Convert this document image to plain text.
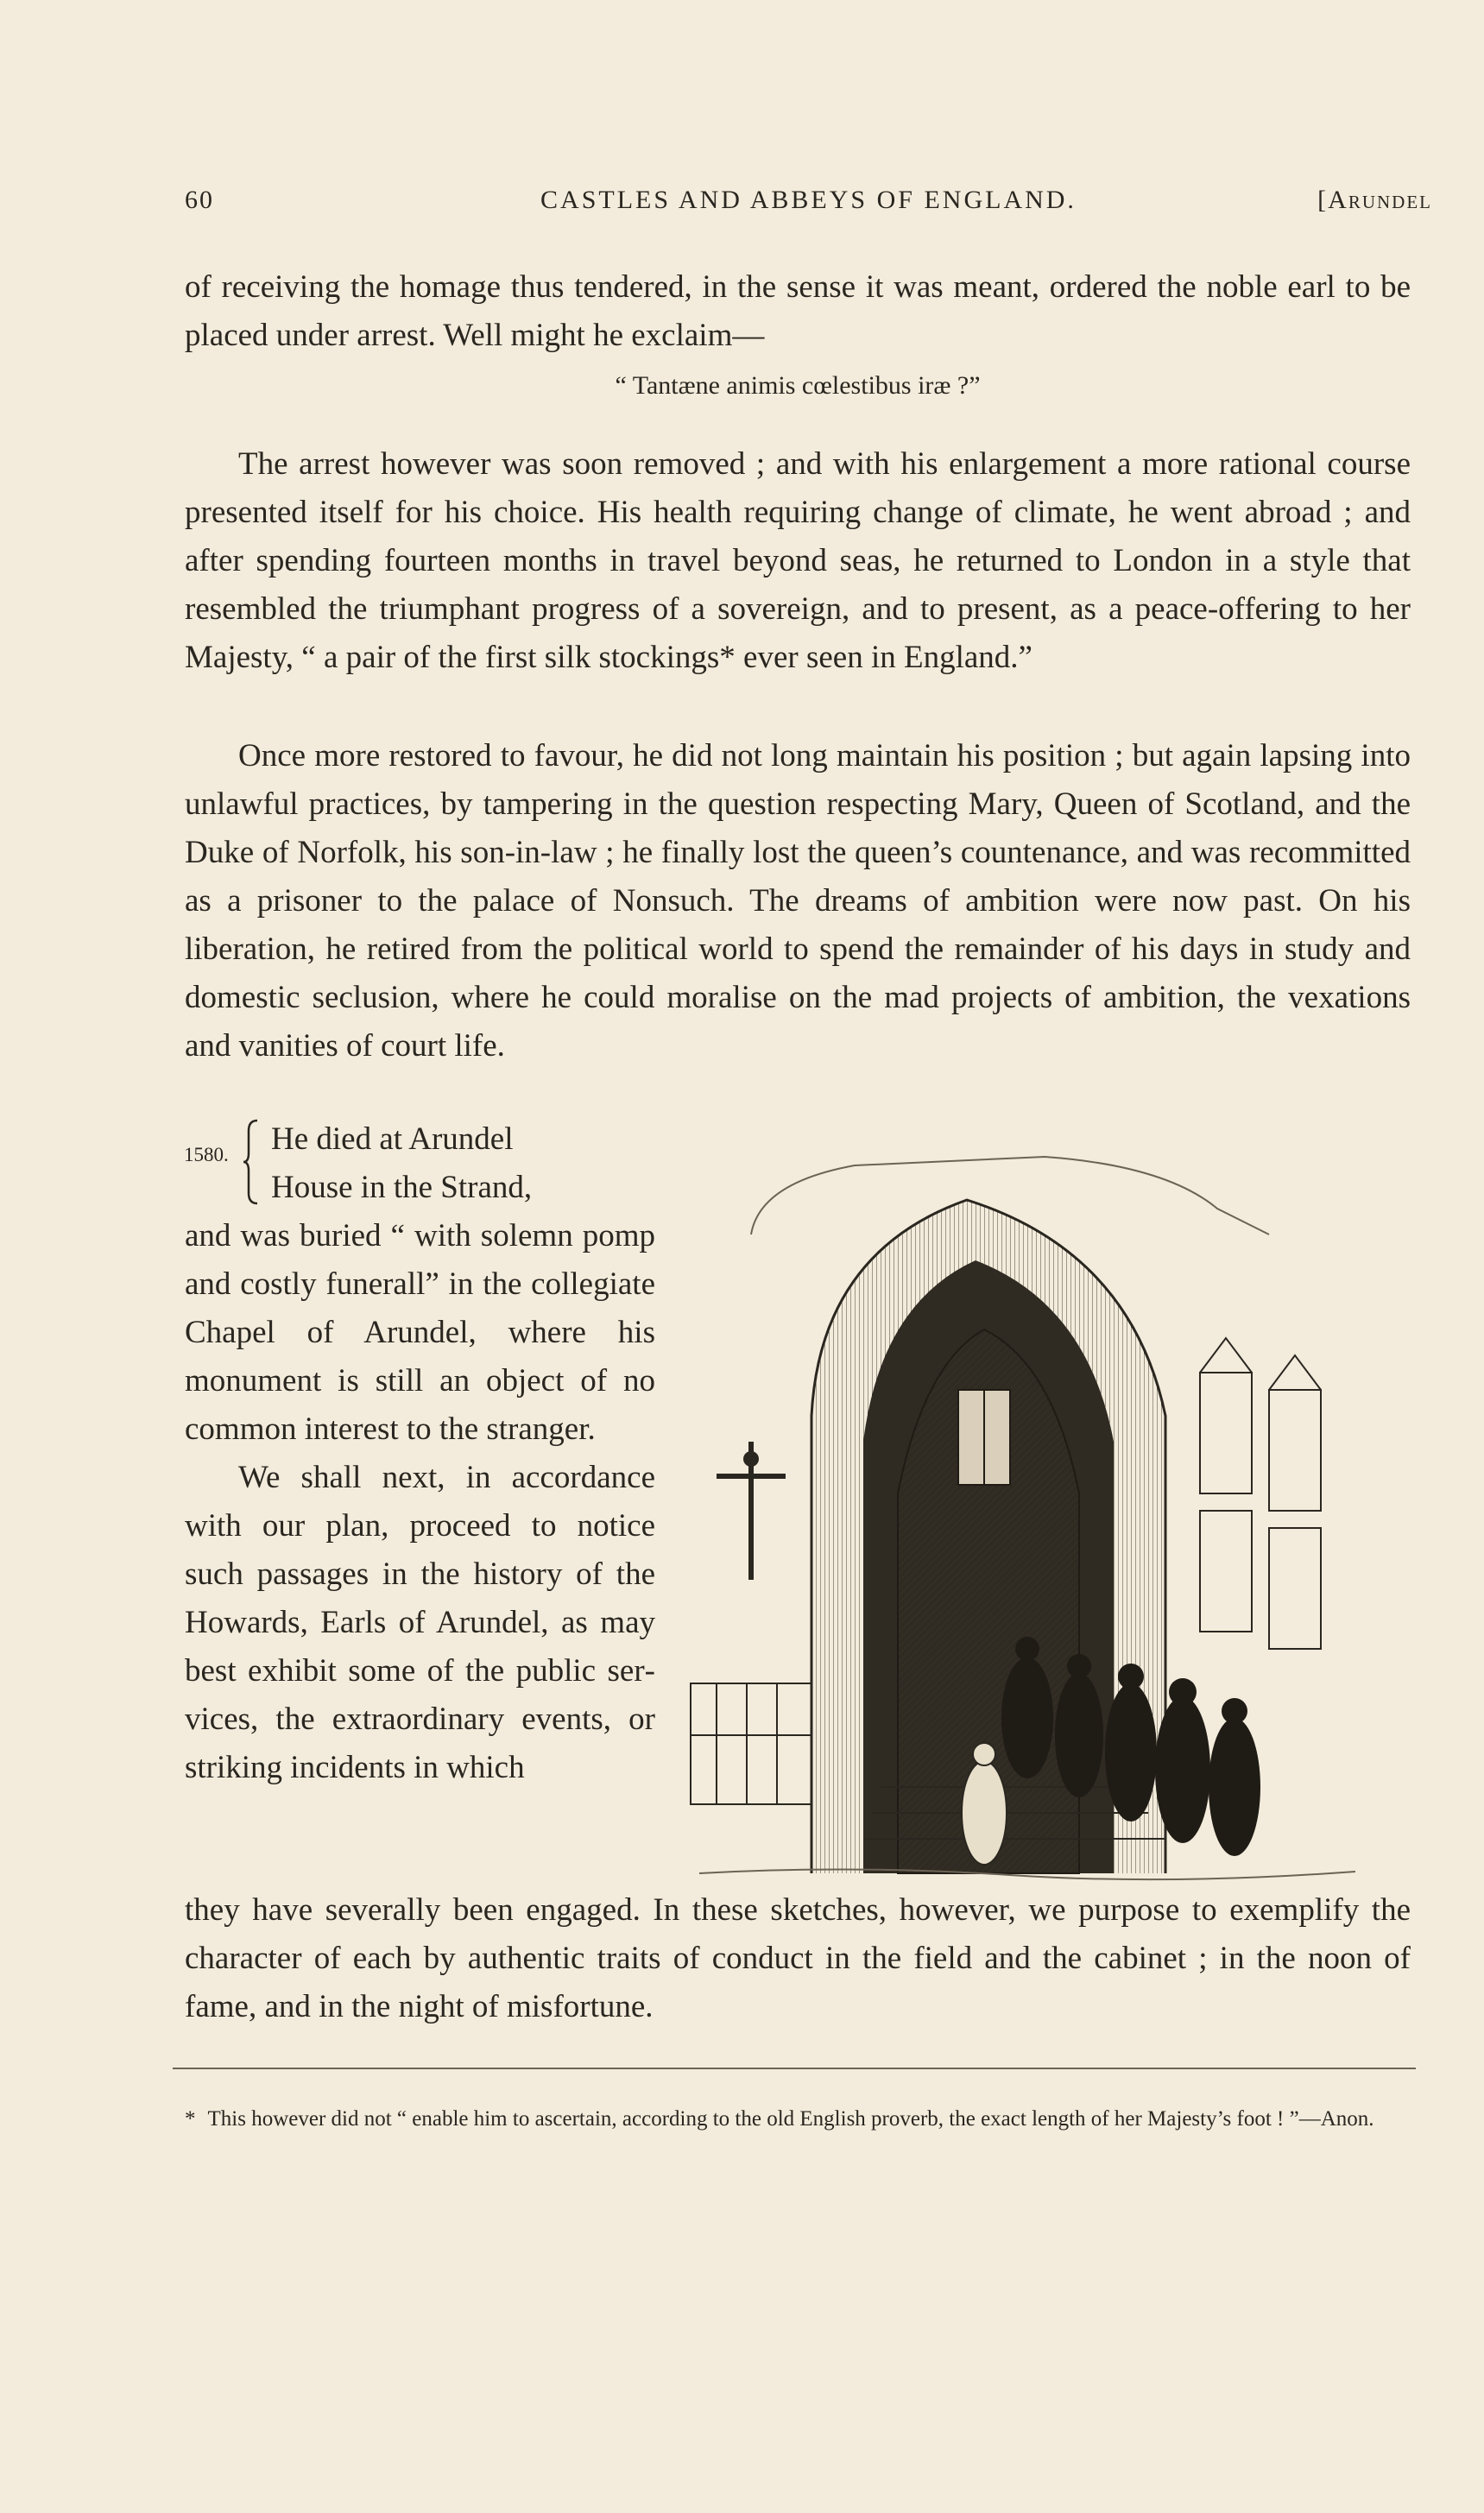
60	CASTLES AND ABBEYS OF ENGLAND.	[Arundel

of receiving the homage thus tendered, in the sense it was meant, ordered the noble earl to be placed under arrest. Well might he exclaim—

“ Tantæne animis cœlestibus iræ ?”

The arrest however was soon removed ; and with his enlargement a more rational course presented itself for his choice. His health requiring change of climate, he went abroad ; and after spending fourteen months in travel beyond seas, he returned to London in a style that resembled the triumphant progress of a sovereign, and to present, as a peace-offering to her Majesty, “ a pair of the first silk stockings* ever seen in England.”

Once more restored to favour, he did not long maintain his position ; but again lapsing into unlawful practices, by tampering in the question respecting Mary, Queen of Scotland, and the Duke of Norfolk, his son-in-law ; he finally lost the queen’s countenance, and was recommitted as a prisoner to the palace of Nonsuch. The dreams of ambition were now past. On his liberation, he retired from the political world to spend the remainder of his days in study and domestic seclusion, where he could moralise on the mad projects of ambition, the vexations and vanities of court life.

1580.	He died at Arundel

House in the Strand,

and was buried “ with solemn pomp and costly funerall” in the collegiate Chapel of Arundel, where his monument is still an object of no common interest to the stranger.

We shall next, in accordance with our plan, proceed to notice such passages in the history of the Howards, Earls of Arundel, as may best exhibit some of the public services, the extraordinary events, or striking incidents in which

they have severally been engaged. In these sketches, however, we purpose to exemplify the character of each by authentic traits of conduct in the field and the cabinet ; in the noon of fame, and in the night of misfortune.

* This however did not “ enable him to ascertain, according to the old English proverb, the exact length of her Majesty’s foot ! ”—Anon.
